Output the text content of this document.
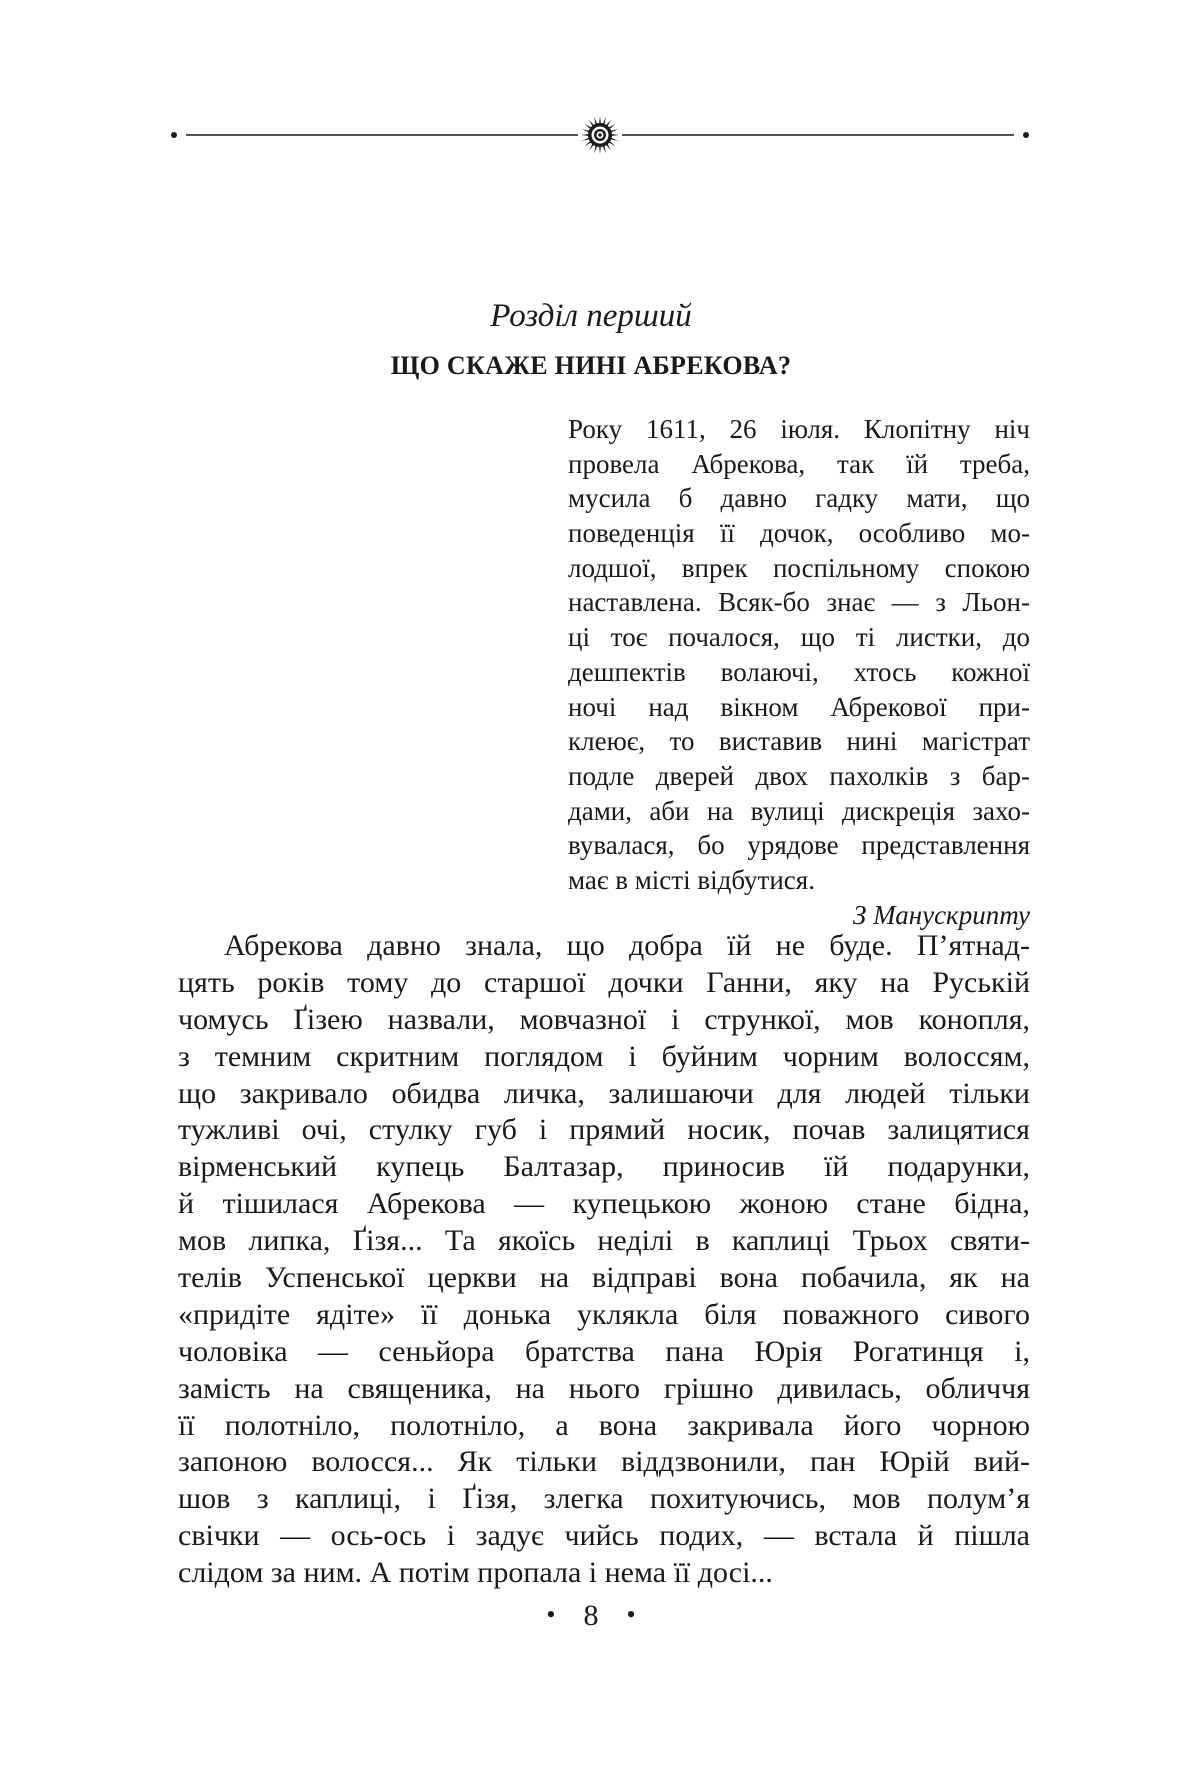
Розділ перший
ЩО СКАЖЕ НИНІ АБРЕКОВА?
Року 1611, 26 іюля. Клопітну ніч
провела Абрекова, так їй треба,
мусила б давно гадку мати, що
поведенція її дочок, особливо мо-
лодшої, впрек поспільному спокою
наставлена. Всяк-бо знає — з Льон-
ці тоє почалося, що ті листки, до
дешпектів волаючі, хтось кожної
ночі над вікном Абрекової при-
клеює, то виставив нині магістрат
подле дверей двох пахолків з бар-
дами, аби на вулиці дискреція захо-
вувалася, бо урядове представлення
має в місті відбутися.
З Манускрипту
Абрекова давно знала, що добра їй не буде. П’ятнад-
цять років тому до старшої дочки Ганни, яку на Руській
чомусь Ґізею назвали, мовчазної і стрункої, мов конопля,
з темним скритним поглядом і буйним чорним волоссям,
що закривало обидва личка, залишаючи для людей тільки
тужливі очі, стулку губ і прямий носик, почав залицятися
вірменський купець Балтазар, приносив їй подарунки,
й тішилася Абрекова — купецькою жоною стане бідна,
мов липка, Ґізя... Та якоїсь неділі в каплиці Трьох святи-
телів Успенської церкви на відправі вона побачила, як на
«придіте ядіте» її донька уклякла біля поважного сивого
чоловіка — сеньйора братства пана Юрія Рогатинця і,
замість на священика, на нього грішно дивилась, обличчя
її полотніло, полотніло, а вона закривала його чорною
запоною волосся... Як тільки віддзвонили, пан Юрій вий-
шов з каплиці, і Ґізя, злегка похитуючись, мов полум’я
свічки — ось-ось і задує чийсь подих, — встала й пішла
слідом за ним. А потім пропала і нема її досі...
• 8 •
